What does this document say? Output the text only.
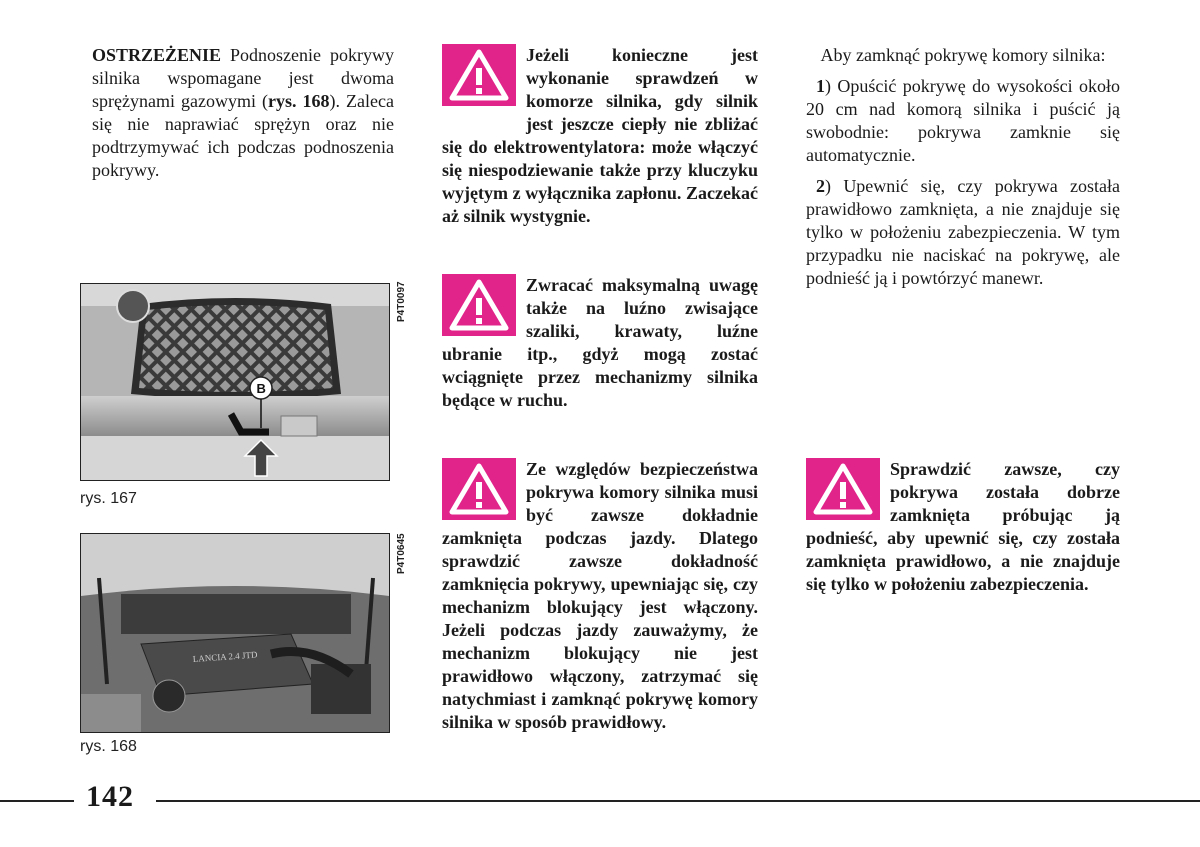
OSTRZEŻENIE Podnoszenie pokrywy silnika wspomagane jest dwoma sprężynami gazowymi (rys. 168). Zaleca się nie naprawiać sprężyn oraz nie podtrzymywać ich podczas podnoszenia pokrywy.
B
P4T0097
rys. 167
LANCIA 2.4 JTD
P4T0645
rys. 168
Jeżeli konieczne jest wykonanie sprawdzeń w komorze silnika, gdy silnik jest jeszcze ciepły nie zbliżać się do elektrowentylatora: może włączyć się niespodziewanie także przy kluczyku wyjętym z wyłącznika zapłonu. Zaczekać aż silnik wystygnie.
Zwracać maksymalną uwagę także na luźno zwisające szaliki, krawaty, luźne ubranie itp., gdyż mogą zostać wciągnięte przez mechanizmy silnika będące w ruchu.
Ze względów bezpieczeństwa pokrywa komory silnika musi być zawsze dokładnie zamknięta podczas jazdy. Dlatego sprawdzić zawsze dokładność zamknięcia pokrywy, upewniając się, czy mechanizm blokujący jest włączony. Jeżeli podczas jazdy zauważymy, że mechanizm blokujący nie jest prawidłowo włączony, zatrzymać się natychmiast i zamknąć pokrywę komory silnika w sposób prawidłowy.

Aby zamknąć pokrywę komory silnika:

1) Opuścić pokrywę do wysokości około 20 cm nad komorą silnika i puścić ją swobodnie: pokrywa zamknie się automatycznie.

2) Upewnić się, czy pokrywa została prawidłowo zamknięta, a nie znajduje się tylko w położeniu zabezpieczenia. W tym przypadku nie naciskać na pokrywę, ale podnieść ją i powtórzyć manewr.

Sprawdzić zawsze, czy pokrywa została dobrze zamknięta próbując ją podnieść, aby upewnić się, czy została zamknięta prawidłowo, a nie znajduje się tylko w położeniu zabezpieczenia.
142
